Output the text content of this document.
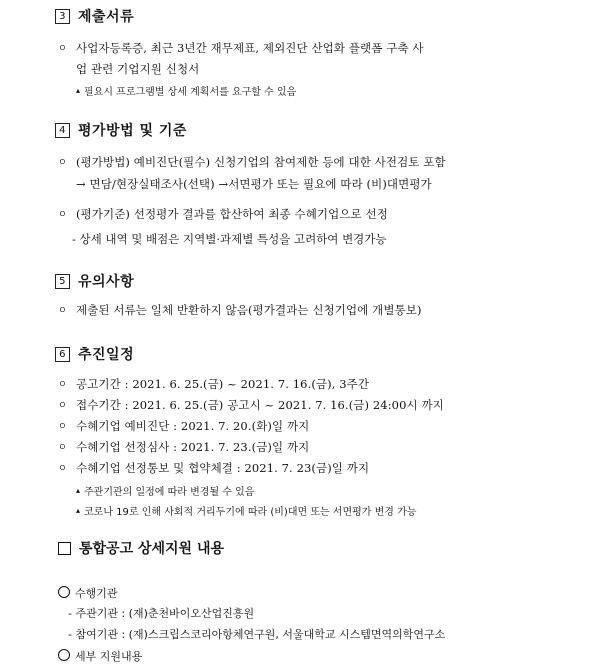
3 제출서류
ㅇ 사업자등록증, 최근 3년간 재무제표, 제외진단 산업화 플랫폼 구축 사
업 관련 기업지원 신청서
▴ 필요시 프로그램별 상세 계획서를 요구할 수 있음
4 평가방법 및 기준
ㅇ (평가방법) 예비진단(필수) 신청기업의 참여제한 등에 대한 사전검토 포함
→ 면담/현장실태조사(선택) →서면평가 또는 필요에 따라 (비)대면평가
ㅇ (평가기준) 선정평가 결과를 합산하여 최종 수혜기업으로 선정
- 상세 내역 및 배점은 지역별·과제별 특성을 고려하여 변경가능
5 유의사항
ㅇ 제출된 서류는 일체 반환하지 않음(평가결과는 신청기업에 개별통보)
6 추진일정
ㅇ 공고기간 : 2021. 6. 25.(금) ~ 2021. 7. 16.(금), 3주간
ㅇ 접수기간 : 2021. 6. 25.(금) 공고시 ~ 2021. 7. 16.(금) 24:00시 까지
ㅇ 수혜기업 예비진단 : 2021. 7. 20.(화)일 까지
ㅇ 수혜기업 선정심사 : 2021. 7. 23.(금)일 까지
ㅇ 수혜기업 선정통보 및 협약체결 : 2021. 7. 23(금)일 까지
▴ 주관기관의 일정에 따라 변경될 수 있음
▴ 코로나 19로 인해 사회적 거리두기에 따라 (비)대면 또는 서면평가 변경 가능
통합공고 상세지원 내용
수행기관
- 주관기관 : (재)춘천바이오산업진흥원
- 참여기관 : (재)스크립스코리아항체연구원, 서울대학교 시스템면역의학연구소
세부 지원내용
